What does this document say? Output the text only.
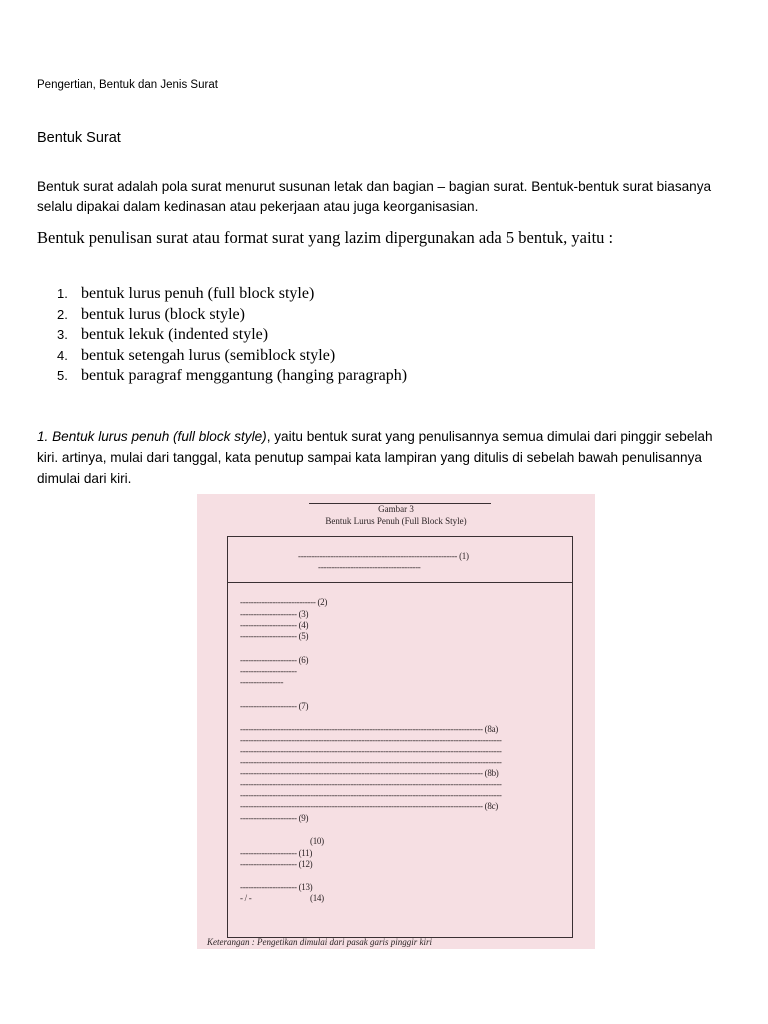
Pengertian, Bentuk dan Jenis Surat
Bentuk Surat
Bentuk surat adalah pola surat menurut susunan letak dan bagian – bagian surat. Bentuk-bentuk surat biasanya selalu dipakai dalam kedinasan atau pekerjaan atau juga keorganisasian.
Bentuk penulisan surat atau format surat yang lazim dipergunakan ada 5 bentuk, yaitu :
1. bentuk lurus penuh (full block style)
2. bentuk lurus (block style)
3. bentuk lekuk (indented style)
4. bentuk setengah lurus (semiblock style)
5. bentuk paragraf menggantung (hanging paragraph)
1. Bentuk lurus penuh (full block style), yaitu bentuk surat yang penulisannya semua dimulai dari pinggir sebelah kiri. artinya, mulai dari tanggal, kata penutup sampai kata lampiran yang ditulis di sebelah bawah penulisannya dimulai dari kiri.
Gambar 3
Bentuk Lurus Penuh (Full Block Style)
----------------------------------------------------------- (1)
--------------------------------------
---------------------------- (2)
--------------------- (3)
--------------------- (4)
--------------------- (5)
--------------------- (6)
---------------------
----------------
--------------------- (7)
------------------------------------------------------------------------------------------ (8a)
-------------------------------------------------------------------------------------------------
-------------------------------------------------------------------------------------------------
-------------------------------------------------------------------------------------------------
------------------------------------------------------------------------------------------ (8b)
-------------------------------------------------------------------------------------------------
-------------------------------------------------------------------------------------------------
------------------------------------------------------------------------------------------ (8c)
--------------------- (9)
(10)
--------------------- (11)
--------------------- (12)
--------------------- (13)
- / -	(14)
Keterangan : Pengetikan dimulai dari pasak garis pinggir kiri
